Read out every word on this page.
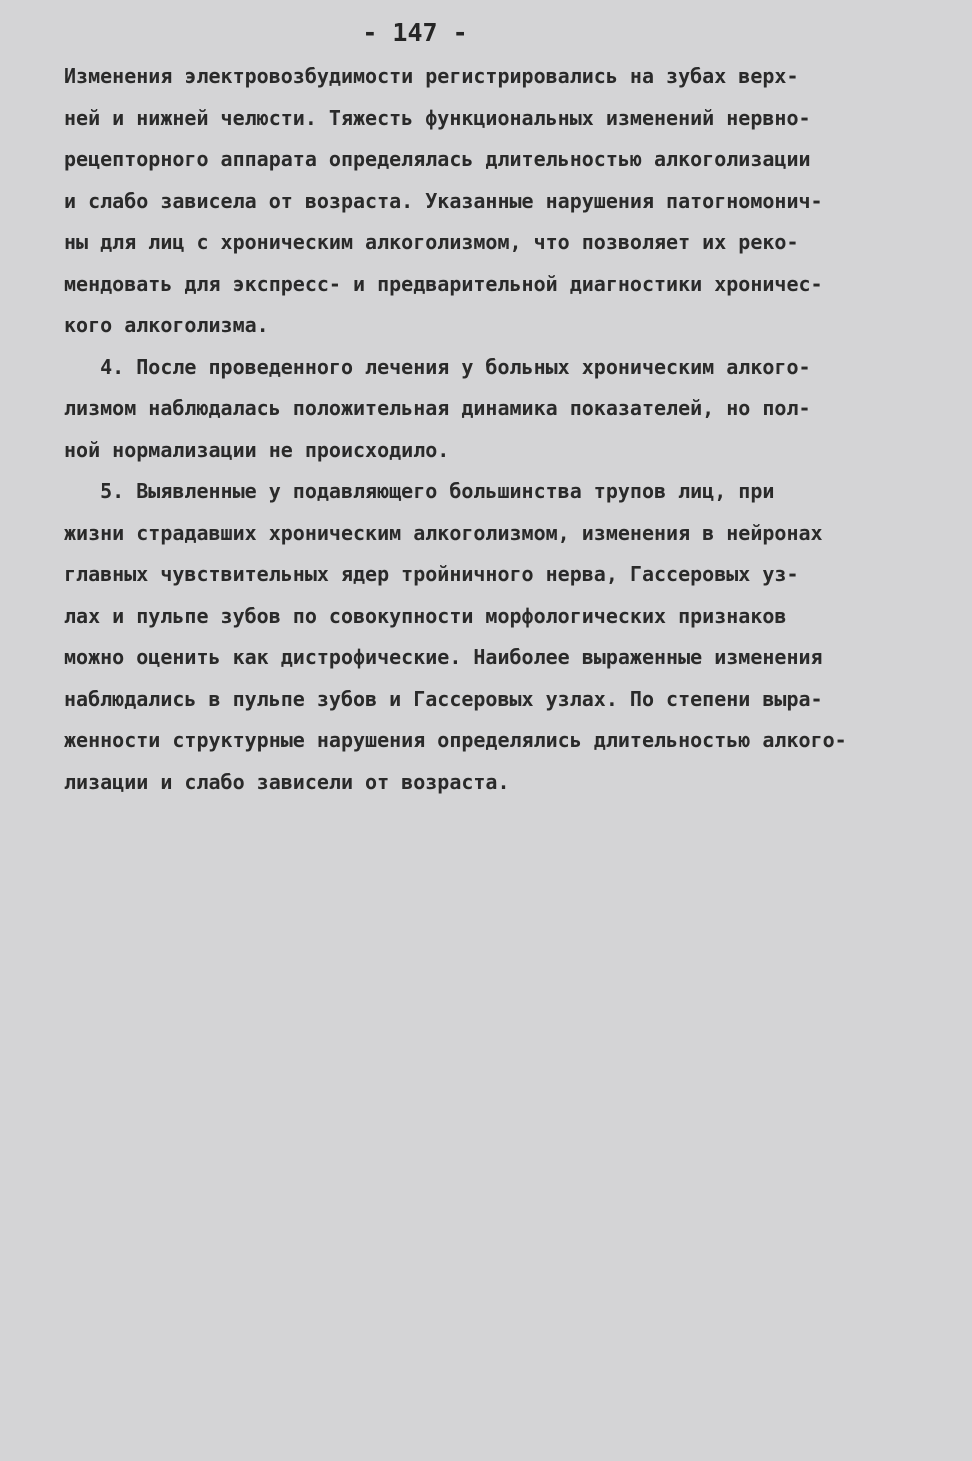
- 147 -
Изменения электровозбудимости регистрировались на зубах верх-
ней и нижней челюсти. Тяжесть функциональных изменений нервно-
рецепторного аппарата определялась длительностью алкоголизации
и слабо зависела от возраста. Указанные нарушения патогномонич-
ны для лиц с хроническим алкоголизмом, что позволяет их реко-
мендовать для экспресс- и предварительной диагностики хроничес-
кого алкоголизма.
4. После проведенного лечения у больных хроническим алкого-
лизмом наблюдалась положительная динамика показателей, но пол-
ной нормализации не происходило.
5. Выявленные у подавляющего большинства трупов лиц, при
жизни страдавших хроническим алкоголизмом, изменения в нейронах
главных чувствительных ядер тройничного нерва, Гассеровых уз-
лах и пульпе зубов по совокупности морфологических признаков
можно оценить как дистрофические. Наиболее выраженные изменения
наблюдались в пульпе зубов и Гассеровых узлах. По степени выра-
женности структурные нарушения определялись длительностью алкого-
лизации и слабо зависели от возраста.
